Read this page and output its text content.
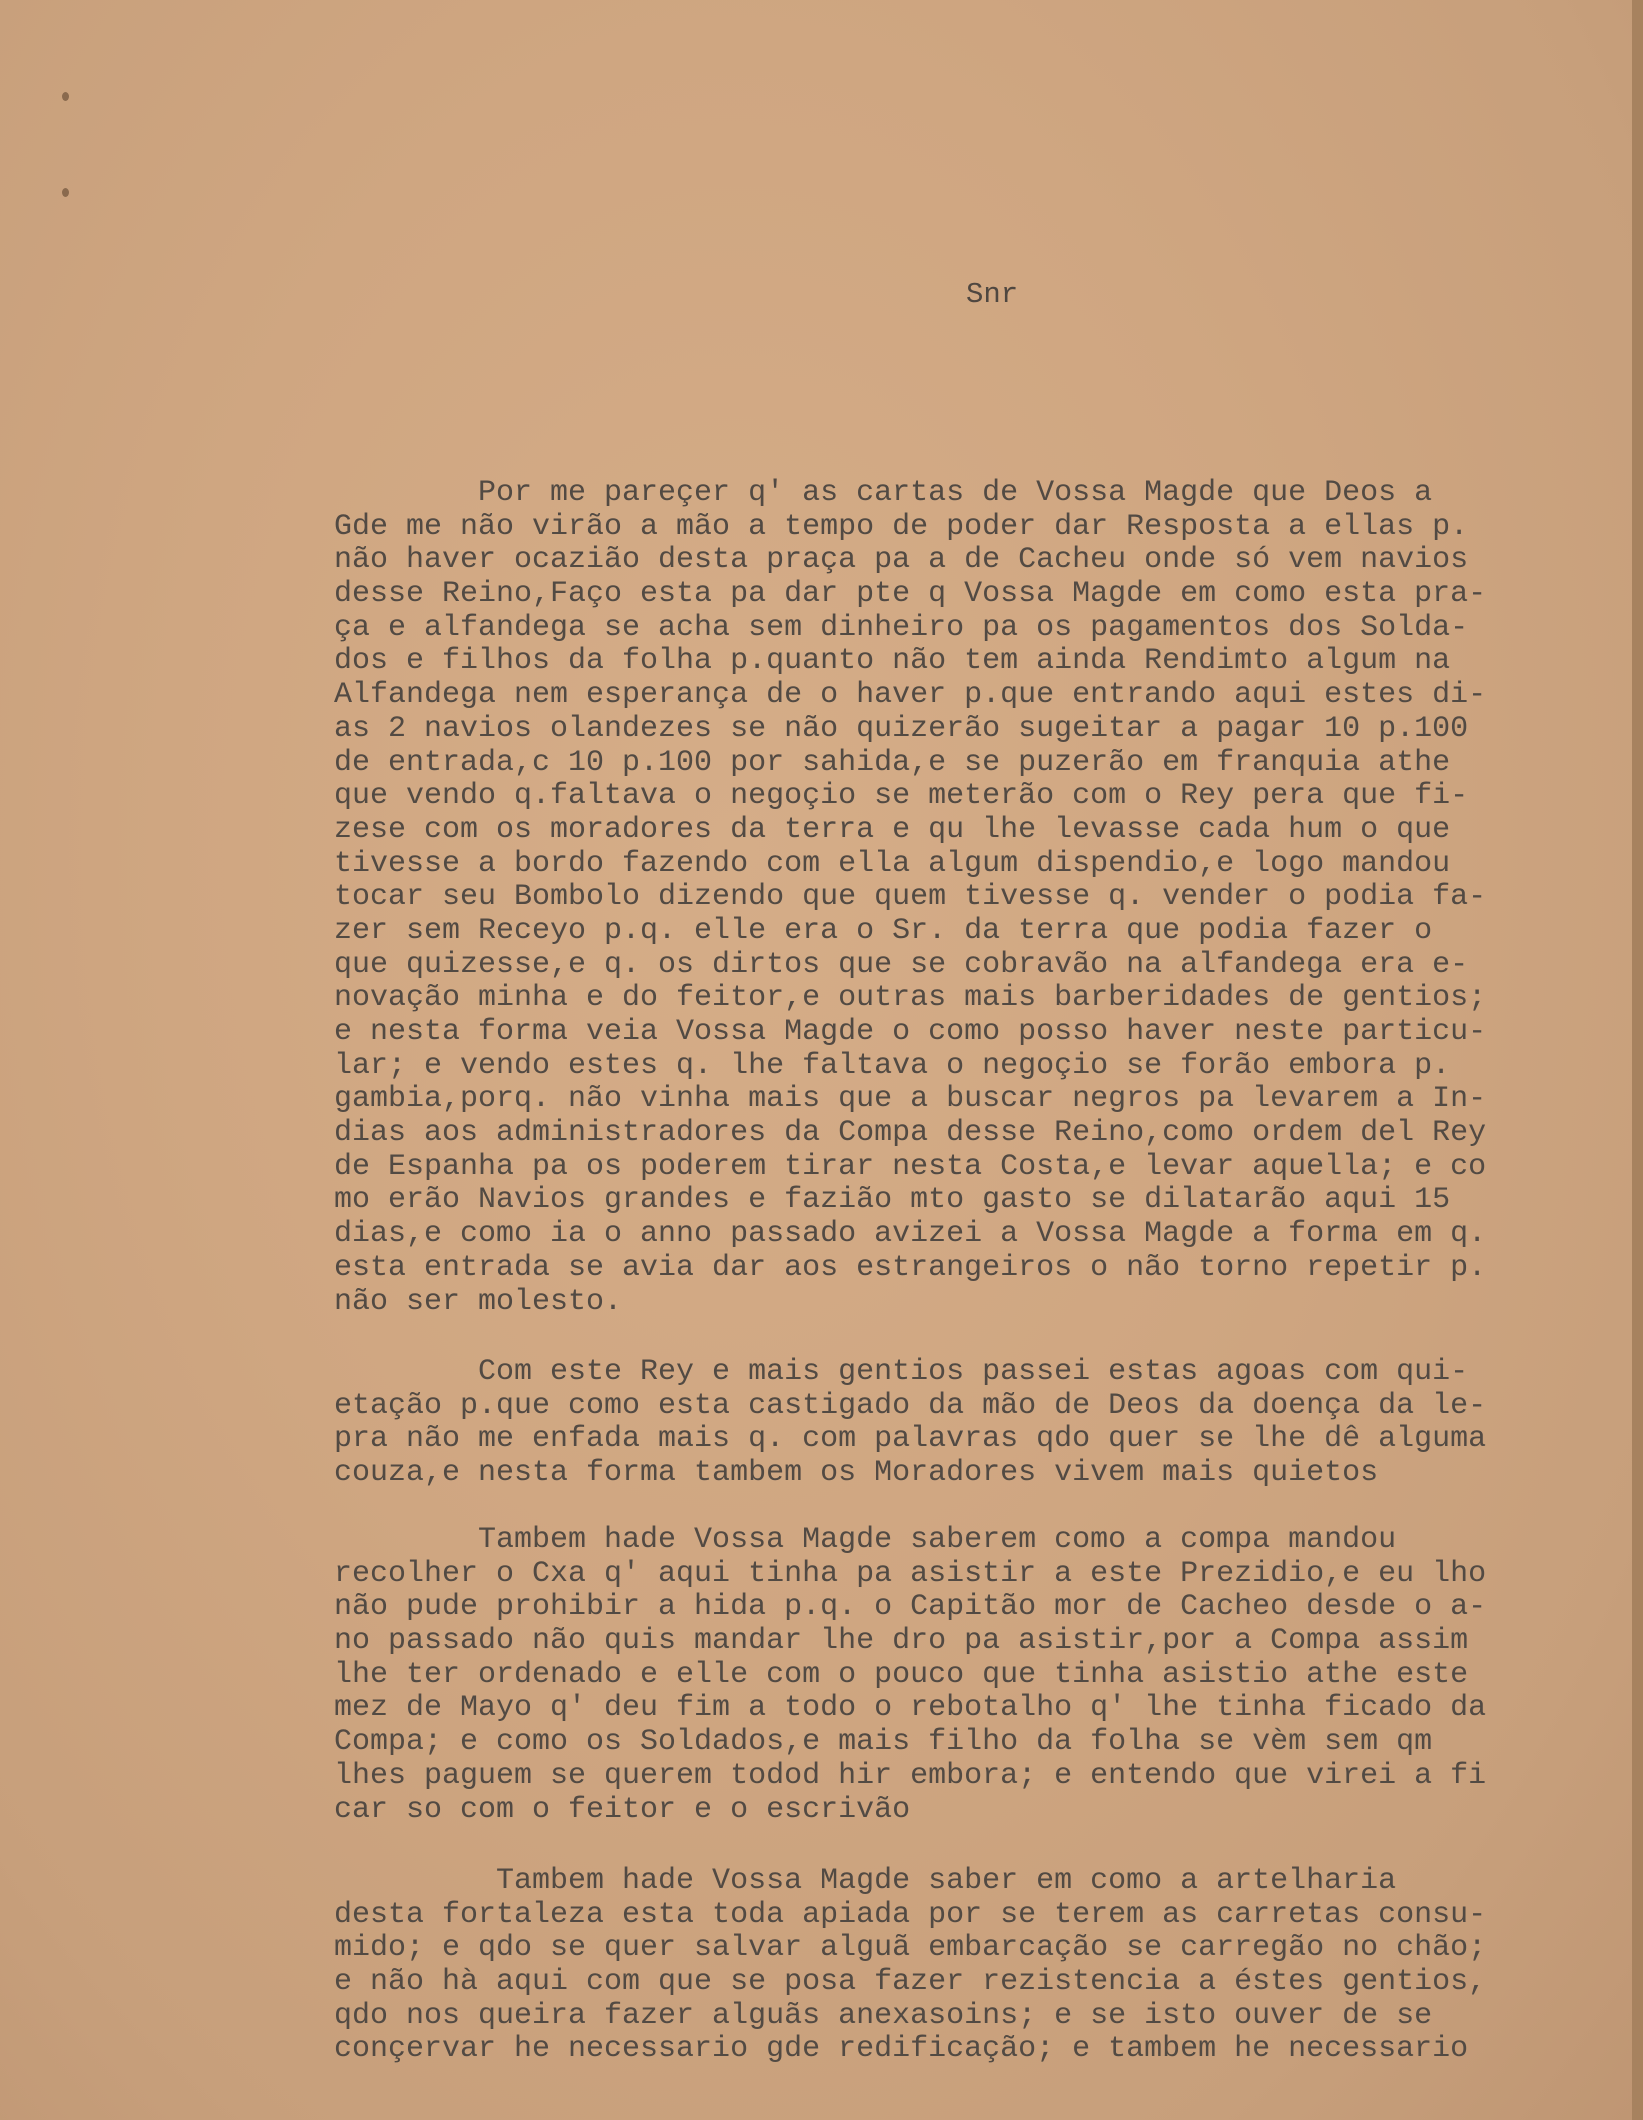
Snr
Por me pareçer q' as cartas de Vossa Magde que Deos a
Gde me não virão a mão a tempo de poder dar Resposta a ellas p.
não haver ocazião desta praça pa a de Cacheu onde só vem navios
desse Reino,Faço esta pa dar pte q Vossa Magde em como esta pra-
ça e alfandega se acha sem dinheiro pa os pagamentos dos Solda-
dos e filhos da folha p.quanto não tem ainda Rendimto algum na
Alfandega nem esperança de o haver p.que entrando aqui estes di-
as 2 navios olandezes se não quizerão sugeitar a pagar 10 p.100
de entrada,c 10 p.100 por sahida,e se puzerão em franquia athe
que vendo q.faltava o negoçio se meterão com o Rey pera que fi-
zese com os moradores da terra e qu lhe levasse cada hum o que
tivesse a bordo fazendo com ella algum dispendio,e logo mandou
tocar seu Bombolo dizendo que quem tivesse q. vender o podia fa-
zer sem Receyo p.q. elle era o Sr. da terra que podia fazer o
que quizesse,e q. os dirtos que se cobravão na alfandega era e-
novação minha e do feitor,e outras mais barberidades de gentios;
e nesta forma veia Vossa Magde o como posso haver neste particu-
lar; e vendo estes q. lhe faltava o negoçio se forão embora p.
gambia,porq. não vinha mais que a buscar negros pa levarem a In-
dias aos administradores da Compa desse Reino,como ordem del Rey
de Espanha pa os poderem tirar nesta Costa,e levar aquella; e co
mo erão Navios grandes e fazião mto gasto se dilatarão aqui 15
dias,e como ia o anno passado avizei a Vossa Magde a forma em q.
esta entrada se avia dar aos estrangeiros o não torno repetir p.
não ser molesto.
Com este Rey e mais gentios passei estas agoas com qui-
etação p.que como esta castigado da mão de Deos da doença da le-
pra não me enfada mais q. com palavras qdo quer se lhe dê alguma
couza,e nesta forma tambem os Moradores vivem mais quietos
Tambem hade Vossa Magde saberem como a compa mandou
recolher o Cxa q' aqui tinha pa asistir a este Prezidio,e eu lho
não pude prohibir a hida p.q. o Capitão mor de Cacheo desde o a-
no passado não quis mandar lhe dro pa asistir,por a Compa assim
lhe ter ordenado e elle com o pouco que tinha asistio athe este
mez de Mayo q' deu fim a todo o rebotalho q' lhe tinha ficado da
Compa; e como os Soldados,e mais filho da folha se vèm sem qm
lhes paguem se querem todod hir embora; e entendo que virei a fi
car so com o feitor e o escrivão
Tambem hade Vossa Magde saber em como a artelharia
desta fortaleza esta toda apiada por se terem as carretas consu-
mido; e qdo se quer salvar alguã embarcação se carregão no chão;
e não hà aqui com que se posa fazer rezistencia a éstes gentios,
qdo nos queira fazer alguãs anexasoins; e se isto ouver de se
conçervar he necessario gde redificação; e tambem he necessario
